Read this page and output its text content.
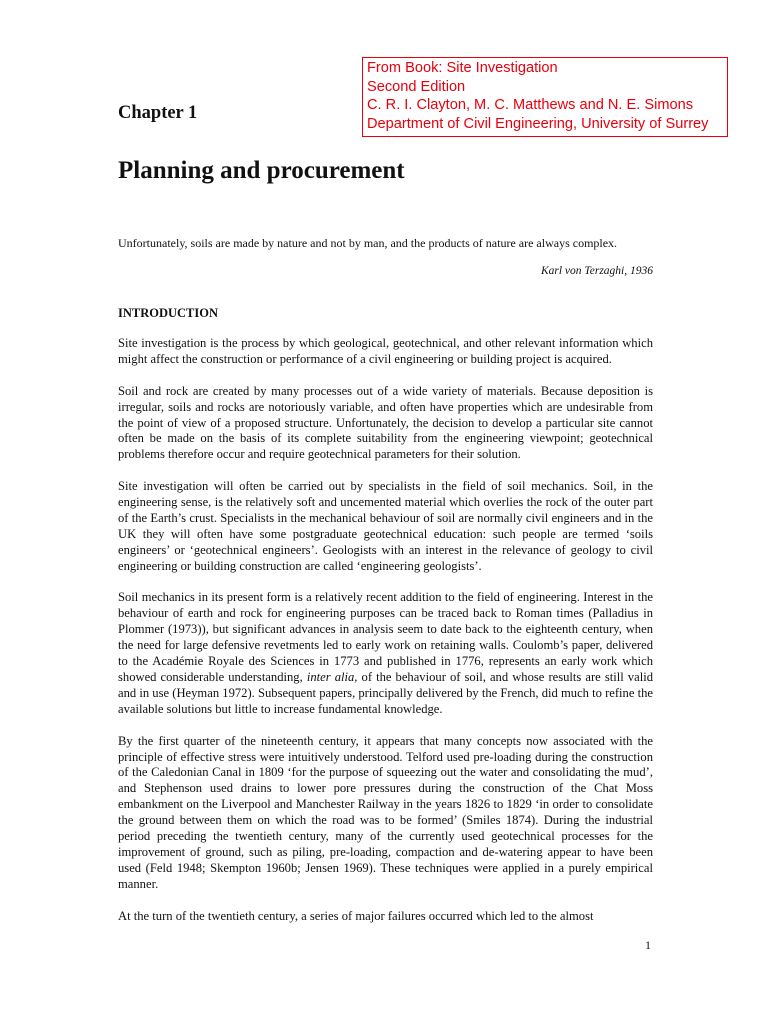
From Book: Site Investigation
Second Edition
C. R. I. Clayton, M. C. Matthews and N. E. Simons
Department of Civil Engineering, University of Surrey
Chapter 1
Planning and procurement

Unfortunately, soils are made by nature and not by man, and the products of nature are always complex.

Karl von Terzaghi, 1936

INTRODUCTION

Site investigation is the process by which geological, geotechnical, and other relevant information which might affect the construction or performance of a civil engineering or building project is acquired.

Soil and rock are created by many processes out of a wide variety of materials. Because deposition is irregular, soils and rocks are notoriously variable, and often have properties which are undesirable from the point of view of a proposed structure. Unfortunately, the decision to develop a particular site cannot often be made on the basis of its complete suitability from the engineering viewpoint; geotechnical problems therefore occur and require geotechnical parameters for their solution.

Site investigation will often be carried out by specialists in the field of soil mechanics. Soil, in the engineering sense, is the relatively soft and uncemented material which overlies the rock of the outer part of the Earth’s crust. Specialists in the mechanical behaviour of soil are normally civil engineers and in the UK they will often have some postgraduate geotechnical education: such people are termed ‘soils engineers’ or ‘geotechnical engineers’. Geologists with an interest in the relevance of geology to civil engineering or building construction are called ‘engineering geologists’.

Soil mechanics in its present form is a relatively recent addition to the field of engineering. Interest in the behaviour of earth and rock for engineering purposes can be traced back to Roman times (Palladius in Plommer (1973)), but significant advances in analysis seem to date back to the eighteenth century, when the need for large defensive revetments led to early work on retaining walls. Coulomb’s paper, delivered to the Académie Royale des Sciences in 1773 and published in 1776, represents an early work which showed considerable understanding, inter alia, of the behaviour of soil, and whose results are still valid and in use (Heyman 1972). Subsequent papers, principally delivered by the French, did much to refine the available solutions but little to increase fundamental knowledge.

By the first quarter of the nineteenth century, it appears that many concepts now associated with the principle of effective stress were intuitively understood. Telford used pre-loading during the construction of the Caledonian Canal in 1809 ‘for the purpose of squeezing out the water and consolidating the mud’, and Stephenson used drains to lower pore pressures during the construction of the Chat Moss embankment on the Liverpool and Manchester Railway in the years 1826 to 1829 ‘in order to consolidate the ground between them on which the road was to be formed’ (Smiles 1874). During the industrial period preceding the twentieth century, many of the currently used geotechnical processes for the improvement of ground, such as piling, pre-loading, compaction and de-watering appear to have been used (Feld 1948; Skempton 1960b; Jensen 1969). These techniques were applied in a purely empirical manner.

At the turn of the twentieth century, a series of major failures occurred which led to the almost

1
